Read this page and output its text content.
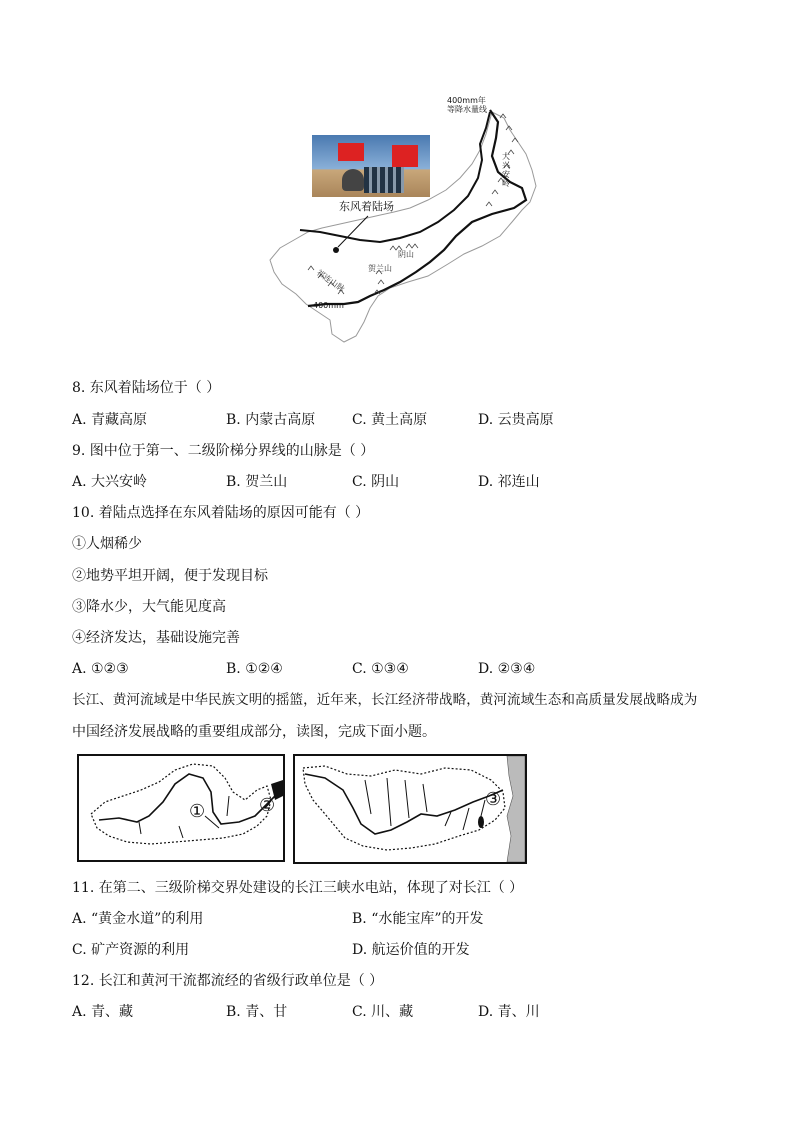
400mm年
等降水量线
东风着陆场
大兴安岭
阴山
贺兰山
祁连山脉
400mm
8. 东风着陆场位于（ ）
A. 青藏高原	B. 内蒙古高原	C. 黄土高原	D. 云贵高原
9. 图中位于第一、二级阶梯分界线的山脉是（ ）
A. 大兴安岭	B. 贺兰山	C. 阴山	D. 祁连山
10. 着陆点选择在东风着陆场的原因可能有（ ）
①人烟稀少
②地势平坦开阔，便于发现目标
③降水少，大气能见度高
④经济发达，基础设施完善
A. ①②③	B. ①②④	C. ①③④	D. ②③④
长江、黄河流域是中华民族文明的摇篮，近年来，长江经济带战略，黄河流域生态和高质量发展战略成为
中国经济发展战略的重要组成部分，读图，完成下面小题。
①	②	③
11. 在第二、三级阶梯交界处建设的长江三峡水电站，体现了对长江（ ）
A. “黄金水道”的利用	B. “水能宝库”的开发
C. 矿产资源的利用	D. 航运价值的开发
12. 长江和黄河干流都流经的省级行政单位是（ ）
A. 青、藏	B. 青、甘	C. 川、藏	D. 青、川
